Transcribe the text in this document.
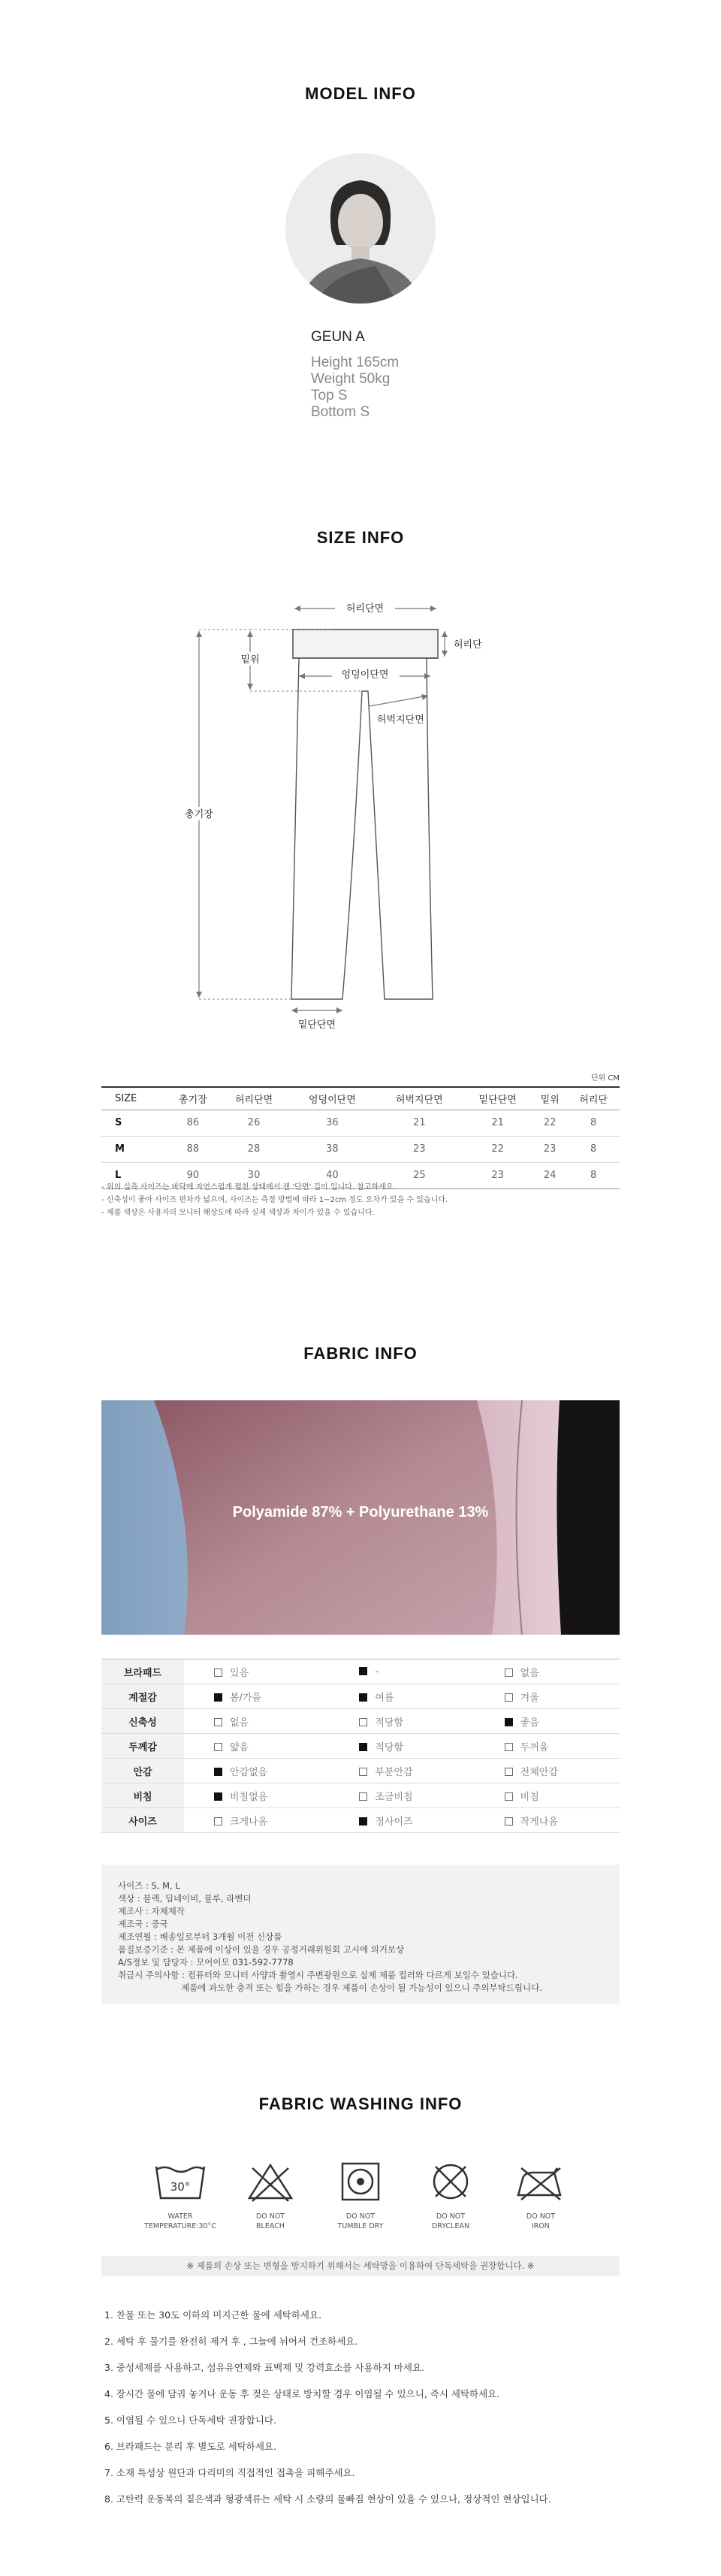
MODEL INFO
GEUN A
Height 165cm
Weight 50kg
Top S
Bottom S
SIZE INFO
허리단면
허리단
밑위
엉덩이단면
허벅지단면
총기장
밑단단면
단위 CM
SIZE	총기장	허리단면	엉덩이단면	허벅지단면	밑단단면	밑위	허리단
S	86	26	36	21	21	22	8
M	88	28	38	23	22	23	8
L	90	30	40	25	23	24	8
- 위의 실측 사이즈는 바닥에 자연스럽게 펼친 상태에서 잰 '단면' 길이 입니다. 참고하세요.
- 신축성이 좋아 사이즈 편차가 넓으며, 사이즈는 측정 방법에 따라 1~2cm 정도 오차가 있을 수 있습니다.
- 제품 색상은 사용자의 모니터 해상도에 따라 실제 색상과 차이가 있을 수 있습니다.
FABRIC INFO
Polyamide 87% + Polyurethane 13%
브라패드	있음	-	없음
계절감	봄/가을	여름	겨울
신축성	없음	적당함	좋음
두께감	얇음	적당함	두꺼움
안감	안감없음	부분안감	전체안감
비침	비침없음	조금비침	비침
사이즈	크게나옴	정사이즈	작게나옴
사이즈 : S, M, L
색상 : 블랙, 딥네이비, 블루, 라벤더
제조사 : 자체제작
제조국 : 중국
제조연월 : 배송일로부터 3개월 이전 신상품
품질보증기준 : 본 제품에 이상이 있을 경우 공정거래위원회 고시에 의거보상
A/S정보 및 담당자 : 모어이모 031-592-7778
취급시 주의사항 : 컴퓨터와 모니터 사양과 촬영시 주변광원으로 실제 제품 컬러와 다르게 보일수 있습니다.
제품에 과도한 충격 또는 힘을 가하는 경우 제품이 손상이 될 가능성이 있으니 주의부탁드립니다.
FABRIC WASHING INFO
30°
WATER
TEMPERATURE:30°C
DO NOT
BLEACH
DO NOT
TUMBLE DRY
DO NOT
DRYCLEAN
DO NOT
IRON
※ 제품의 손상 또는 변형을 방지하기 위해서는 세탁망을 이용하여 단독세탁을 권장합니다. ※
1. 찬물 또는 30도 이하의 미지근한 물에 세탁하세요.
2. 세탁 후 물기를 완전히 제거 후 , 그늘에 뉘어서 건조하세요.
3. 중성세제를 사용하고, 섬유유연제와 표백제 및 강력효소를 사용하지 마세요.
4. 장시간 물에 담궈 놓거나 운동 후 젖은 상태로 방치할 경우 이염될 수 있으니, 즉시 세탁하세요.
5. 이염될 수 있으니 단독세탁 권장합니다.
6. 브라패드는 분리 후 별도로 세탁하세요.
7. 소재 특성상 원단과 다리미의 직접적인 접촉을 피해주세요.
8. 고탄력 운동복의 짙은색과 형광색류는 세탁 시 소량의 물빠짐 현상이 있을 수 있으나, 정상적인 현상입니다.
